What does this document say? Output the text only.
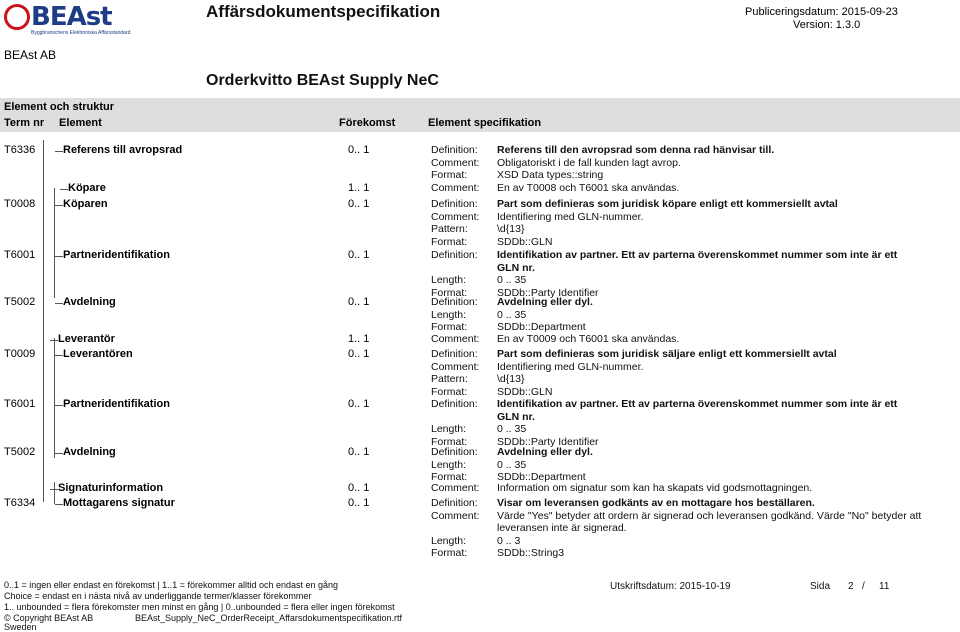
BEAst
Byggbranschens Elektroniska Affärsstandard
Affärsdokumentspecifikation	Publiceringsdatum: 2015-09-23
Version: 1.3.0
BEAst AB
Orderkvitto BEAst Supply NeC
Element och struktur
Term nr Element	Förekomst	Element specifikation
T6336	Referens till avropsrad	0.. 1	Definition: Referens till den avropsrad som denna rad hänvisar till.
Comment: Obligatoriskt i de fall kunden lagt avrop.
Format:	XSD Data types::string
Köpare	1.. 1	Comment: En av T0008 och T6001 ska användas.
T0008	Köparen	0.. 1	Definition: Part som definieras som juridisk köpare enligt ett kommersiellt avtal
Comment: Identifiering med GLN-nummer.
Pattern:	\d{13}
Format:	SDDb::GLN
T6001	Partneridentifikation	0.. 1	Definition: Identifikation av partner. Ett av parterna överenskommet nummer som inte är ett
GLN nr.
Length:	0 .. 35
Format:	SDDb::Party Identifier
T5002	Avdelning	0.. 1	Definition: Avdelning eller dyl.
Length:	0 .. 35
Format:	SDDb::Department
Leverantör	1.. 1	Comment: En av T0009 och T6001 ska användas.
T0009	Leverantören	0.. 1	Definition: Part som definieras som juridisk säljare enligt ett kommersiellt avtal
Comment: Identifiering med GLN-nummer.
Pattern:	\d{13}
Format:	SDDb::GLN
T6001	Partneridentifikation	0.. 1	Definition: Identifikation av partner. Ett av parterna överenskommet nummer som inte är ett
GLN nr.
Length:	0 .. 35
Format:	SDDb::Party Identifier
T5002	Avdelning	0.. 1	Definition: Avdelning eller dyl.
Length:	0 .. 35
Format:	SDDb::Department
Signaturinformation	0.. 1	Comment: Information om signatur som kan ha skapats vid godsmottagningen.
T6334	Mottagarens signatur	0.. 1	Definition: Visar om leveransen godkänts av en mottagare hos beställaren.
Comment: Värde "Yes" betyder att ordern är signerad och leveransen godkänd. Värde "No" betyder att
leveransen inte är signerad.
Length:	0 .. 3
Format:	SDDb::String3
0..1 = ingen eller endast en förekomst | 1..1 = förekommer alltid och endast en gång
Choice = endast en i nästa nivå av underliggande termer/klasser förekommer
1.. unbounded = flera förekomster men minst en gång | 0..unbounded = flera eller ingen förekomst
© Copyright BEAst AB	BEAst_Supply_NeC_OrderReceipt_Affarsdokumentspecifikation.rtf
Sweden
Utskriftsdatum: 2015-10-19	Sida 2 / 11
